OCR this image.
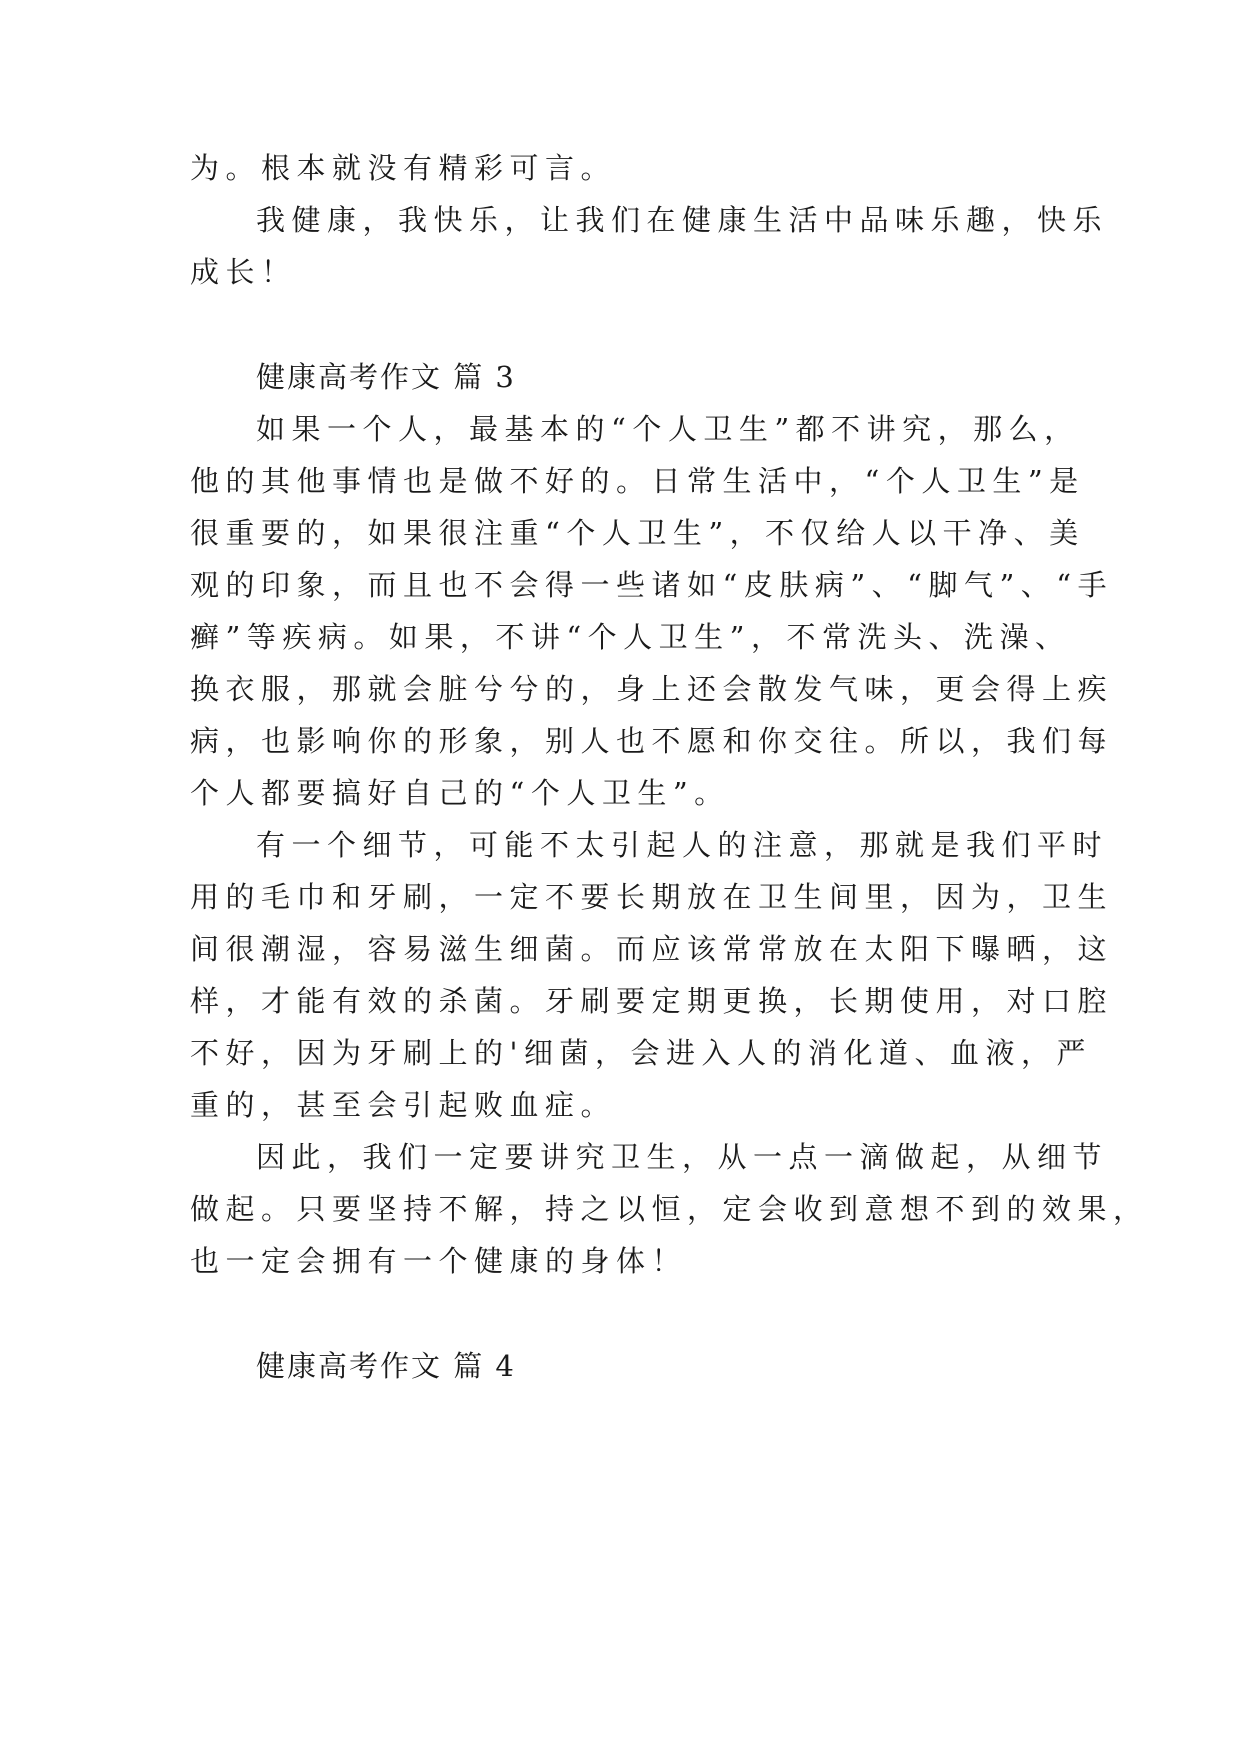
为。根本就没有精彩可言。
我健康，我快乐，让我们在健康生活中品味乐趣，快乐
成长！
健康高考作文 篇 3
如果一个人，最基本的“个人卫生”都不讲究，那么，
他的其他事情也是做不好的。日常生活中，“个人卫生”是
很重要的，如果很注重“个人卫生”，不仅给人以干净、美
观的印象，而且也不会得一些诸如“皮肤病”、“脚气”、“手
癣”等疾病。如果，不讲“个人卫生”，不常洗头、洗澡、
换衣服，那就会脏兮兮的，身上还会散发气味，更会得上疾
病，也影响你的形象，别人也不愿和你交往。所以，我们每
个人都要搞好自己的“个人卫生”。
有一个细节，可能不太引起人的注意，那就是我们平时
用的毛巾和牙刷，一定不要长期放在卫生间里，因为，卫生
间很潮湿，容易滋生细菌。而应该常常放在太阳下曝晒，这
样，才能有效的杀菌。牙刷要定期更换，长期使用，对口腔
不好，因为牙刷上的'细菌，会进入人的消化道、血液，严
重的，甚至会引起败血症。
因此，我们一定要讲究卫生，从一点一滴做起，从细节
做起。只要坚持不解，持之以恒，定会收到意想不到的效果，
也一定会拥有一个健康的身体！
健康高考作文 篇 4
